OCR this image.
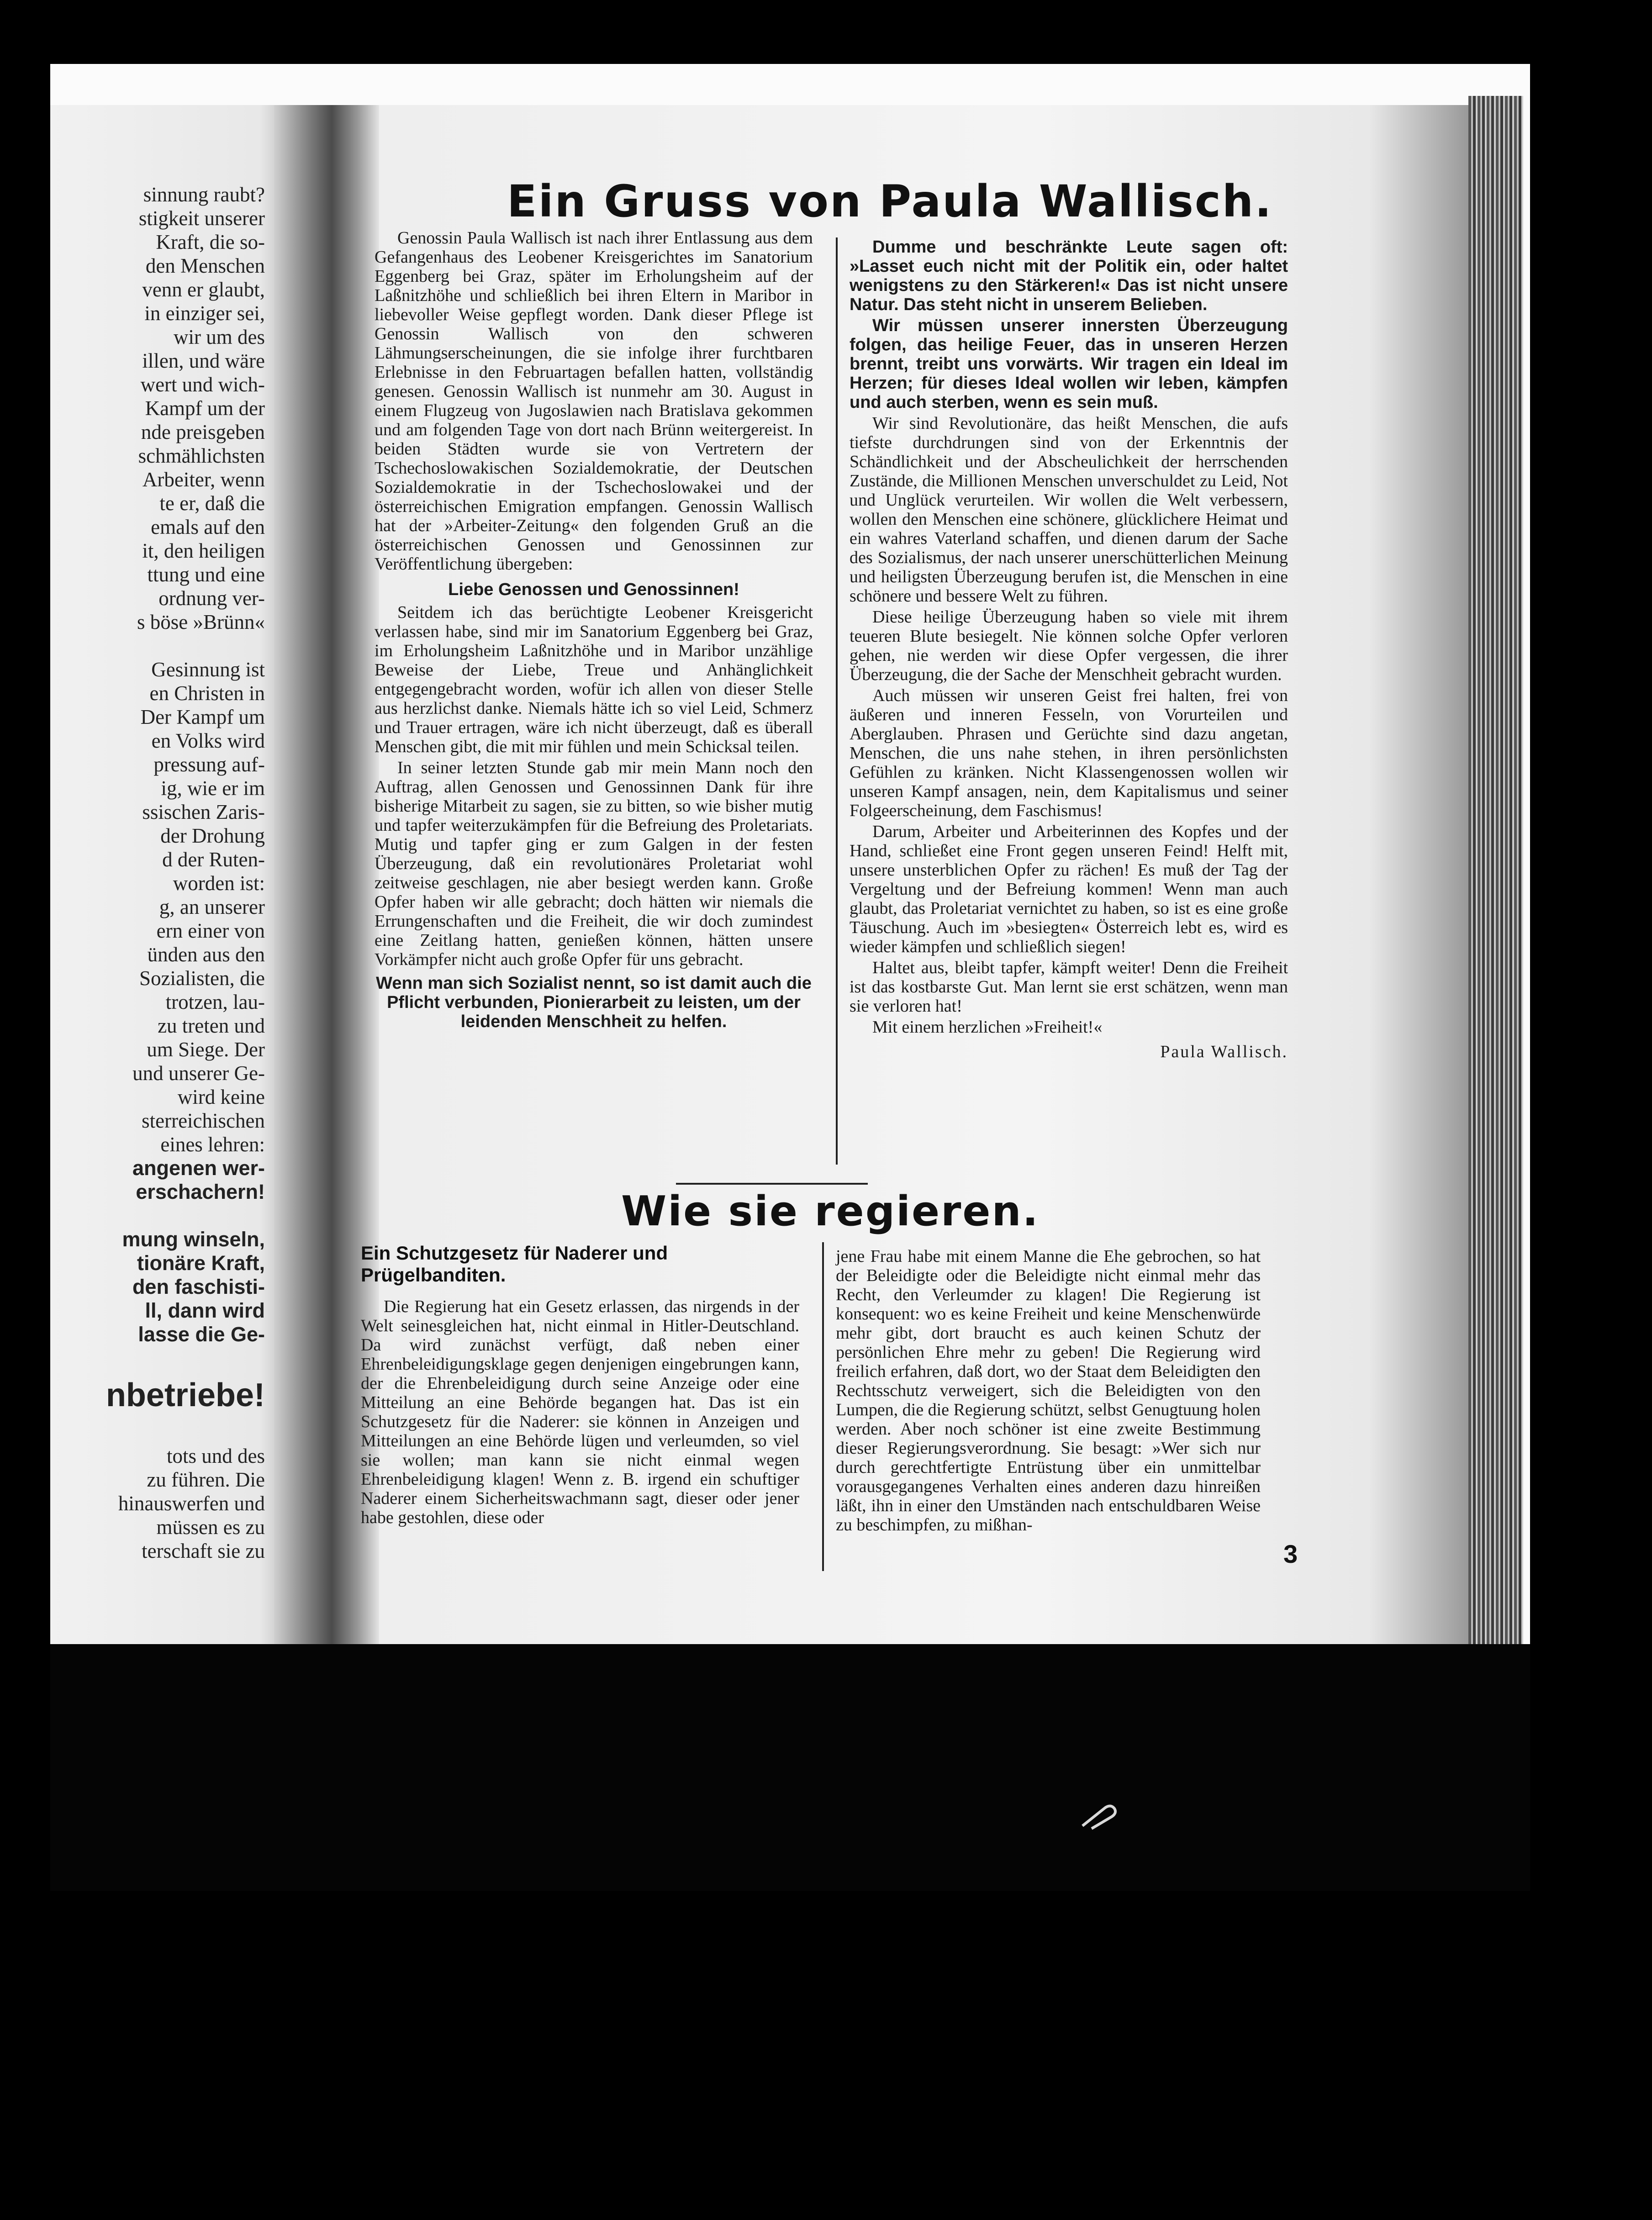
sinnung raubt?
stigkeit unserer
Kraft, die so-
den Menschen
venn er glaubt,
in einziger sei,
wir um des
illen, und wäre
wert und wich-
Kampf um der
nde preisgeben
schmählichsten
Arbeiter, wenn
te er, daß die
emals auf den
it, den heiligen
ttung und eine
ordnung ver-
s böse »Brünn«

Gesinnung ist
en Christen in
Der Kampf um
en Volks wird
pressung auf-
ig, wie er im
ssischen Zaris-
der Drohung
d der Ruten-
worden ist:
g, an unserer
ern einer von
ünden aus den
Sozialisten, die
trotzen, lau-
zu treten und
um Siege. Der
und unserer Ge-
wird keine
sterreichischen
eines lehren:
angenen wer-
erschachern!

mung winseln,
tionäre Kraft,
den faschisti-
ll, dann wird
lasse die Ge-

nbetriebe!

tots und des
zu führen. Die
hinauswerfen und
müssen es zu
terschaft sie zu
Ein Gruss von Paula Wallisch.

Genossin Paula Wallisch ist nach ihrer Entlassung aus dem Gefangenhaus des Leobener Kreisgerichtes im Sanatorium Eggenberg bei Graz, später im Erholungsheim auf der Laßnitzhöhe und schließlich bei ihren Eltern in Maribor in liebevoller Weise gepflegt worden. Dank dieser Pflege ist Genossin Wallisch von den schweren Lähmungserscheinungen, die sie infolge ihrer furchtbaren Erlebnisse in den Februartagen befallen hatten, vollständig genesen. Genossin Wallisch ist nunmehr am 30. August in einem Flugzeug von Jugoslawien nach Bratislava gekommen und am folgenden Tage von dort nach Brünn weitergereist. In beiden Städten wurde sie von Vertretern der Tschechoslowakischen Sozialdemokratie, der Deutschen Sozialdemokratie in der Tschechoslowakei und der österreichischen Emigration empfangen. Genossin Wallisch hat der »Arbeiter-Zeitung« den folgenden Gruß an die österreichischen Genossen und Genossinnen zur Veröffentlichung übergeben:

Liebe Genossen und Genossinnen!

Seitdem ich das berüchtigte Leobener Kreisgericht verlassen habe, sind mir im Sanatorium Eggenberg bei Graz, im Erholungsheim Laßnitzhöhe und in Maribor unzählige Beweise der Liebe, Treue und Anhänglichkeit entgegengebracht worden, wofür ich allen von dieser Stelle aus herzlichst danke. Niemals hätte ich so viel Leid, Schmerz und Trauer ertragen, wäre ich nicht überzeugt, daß es überall Menschen gibt, die mit mir fühlen und mein Schicksal teilen.

In seiner letzten Stunde gab mir mein Mann noch den Auftrag, allen Genossen und Genossinnen Dank für ihre bisherige Mitarbeit zu sagen, sie zu bitten, so wie bisher mutig und tapfer weiterzukämpfen für die Befreiung des Proletariats. Mutig und tapfer ging er zum Galgen in der festen Überzeugung, daß ein revolutionäres Proletariat wohl zeitweise geschlagen, nie aber besiegt werden kann. Große Opfer haben wir alle gebracht; doch hätten wir niemals die Errungenschaften und die Freiheit, die wir doch zumindest eine Zeitlang hatten, genießen können, hätten unsere Vorkämpfer nicht auch große Opfer für uns gebracht.

Wenn man sich Sozialist nennt, so ist damit auch die Pflicht verbunden, Pionierarbeit zu leisten, um der leidenden Menschheit zu helfen.

Dumme und beschränkte Leute sagen oft: »Lasset euch nicht mit der Politik ein, oder haltet wenigstens zu den Stärkeren!« Das ist nicht unsere Natur. Das steht nicht in unserem Belieben.

Wir müssen unserer innersten Überzeugung folgen, das heilige Feuer, das in unseren Herzen brennt, treibt uns vorwärts. Wir tragen ein Ideal im Herzen; für dieses Ideal wollen wir leben, kämpfen und auch sterben, wenn es sein muß.

Wir sind Revolutionäre, das heißt Menschen, die aufs tiefste durchdrungen sind von der Erkenntnis der Schändlichkeit und der Abscheulichkeit der herrschenden Zustände, die Millionen Menschen unverschuldet zu Leid, Not und Unglück verurteilen. Wir wollen die Welt verbessern, wollen den Menschen eine schönere, glücklichere Heimat und ein wahres Vaterland schaffen, und dienen darum der Sache des Sozialismus, der nach unserer unerschütterlichen Meinung und heiligsten Überzeugung berufen ist, die Menschen in eine schönere und bessere Welt zu führen.

Diese heilige Überzeugung haben so viele mit ihrem teueren Blute besiegelt. Nie können solche Opfer verloren gehen, nie werden wir diese Opfer vergessen, die ihrer Überzeugung, die der Sache der Menschheit gebracht wurden.

Auch müssen wir unseren Geist frei halten, frei von äußeren und inneren Fesseln, von Vorurteilen und Aberglauben. Phrasen und Gerüchte sind dazu angetan, Menschen, die uns nahe stehen, in ihren persönlichsten Gefühlen zu kränken. Nicht Klassengenossen wollen wir unseren Kampf ansagen, nein, dem Kapitalismus und seiner Folgeerscheinung, dem Faschismus!

Darum, Arbeiter und Arbeiterinnen des Kopfes und der Hand, schließet eine Front gegen unseren Feind! Helft mit, unsere unsterblichen Opfer zu rächen! Es muß der Tag der Vergeltung und der Befreiung kommen! Wenn man auch glaubt, das Proletariat vernichtet zu haben, so ist es eine große Täuschung. Auch im »besiegten« Österreich lebt es, wird es wieder kämpfen und schließlich siegen!

Haltet aus, bleibt tapfer, kämpft weiter! Denn die Freiheit ist das kostbarste Gut. Man lernt sie erst schätzen, wenn man sie verloren hat!

Mit einem herzlichen »Freiheit!«

Paula Wallisch.

Wie sie regieren.
Ein Schutzgesetz für Naderer und Prügelbanditen.

Die Regierung hat ein Gesetz erlassen, das nirgends in der Welt seinesgleichen hat, nicht einmal in Hitler-Deutschland. Da wird zunächst verfügt, daß neben einer Ehrenbeleidigungsklage gegen denjenigen eingebrungen kann, der die Ehrenbeleidigung durch seine Anzeige oder eine Mitteilung an eine Behörde begangen hat. Das ist ein Schutzgesetz für die Naderer: sie können in Anzeigen und Mitteilungen an eine Behörde lügen und verleumden, so viel sie wollen; man kann sie nicht einmal wegen Ehrenbeleidigung klagen! Wenn z. B. irgend ein schuftiger Naderer einem Sicherheitswachmann sagt, dieser oder jener habe gestohlen, diese oder

jene Frau habe mit einem Manne die Ehe gebrochen, so hat der Beleidigte oder die Beleidigte nicht einmal mehr das Recht, den Verleumder zu klagen! Die Regierung ist konsequent: wo es keine Freiheit und keine Menschenwürde mehr gibt, dort braucht es auch keinen Schutz der persönlichen Ehre mehr zu geben! Die Regierung wird freilich erfahren, daß dort, wo der Staat dem Beleidigten den Rechtsschutz verweigert, sich die Beleidigten von den Lumpen, die die Regierung schützt, selbst Genugtuung holen werden. Aber noch schöner ist eine zweite Bestimmung dieser Regierungsverordnung. Sie besagt: »Wer sich nur durch gerechtfertigte Entrüstung über ein unmittelbar vorausgegangenes Verhalten eines anderen dazu hinreißen läßt, ihn in einer den Umständen nach entschuldbaren Weise zu beschimpfen, zu mißhan-

3
